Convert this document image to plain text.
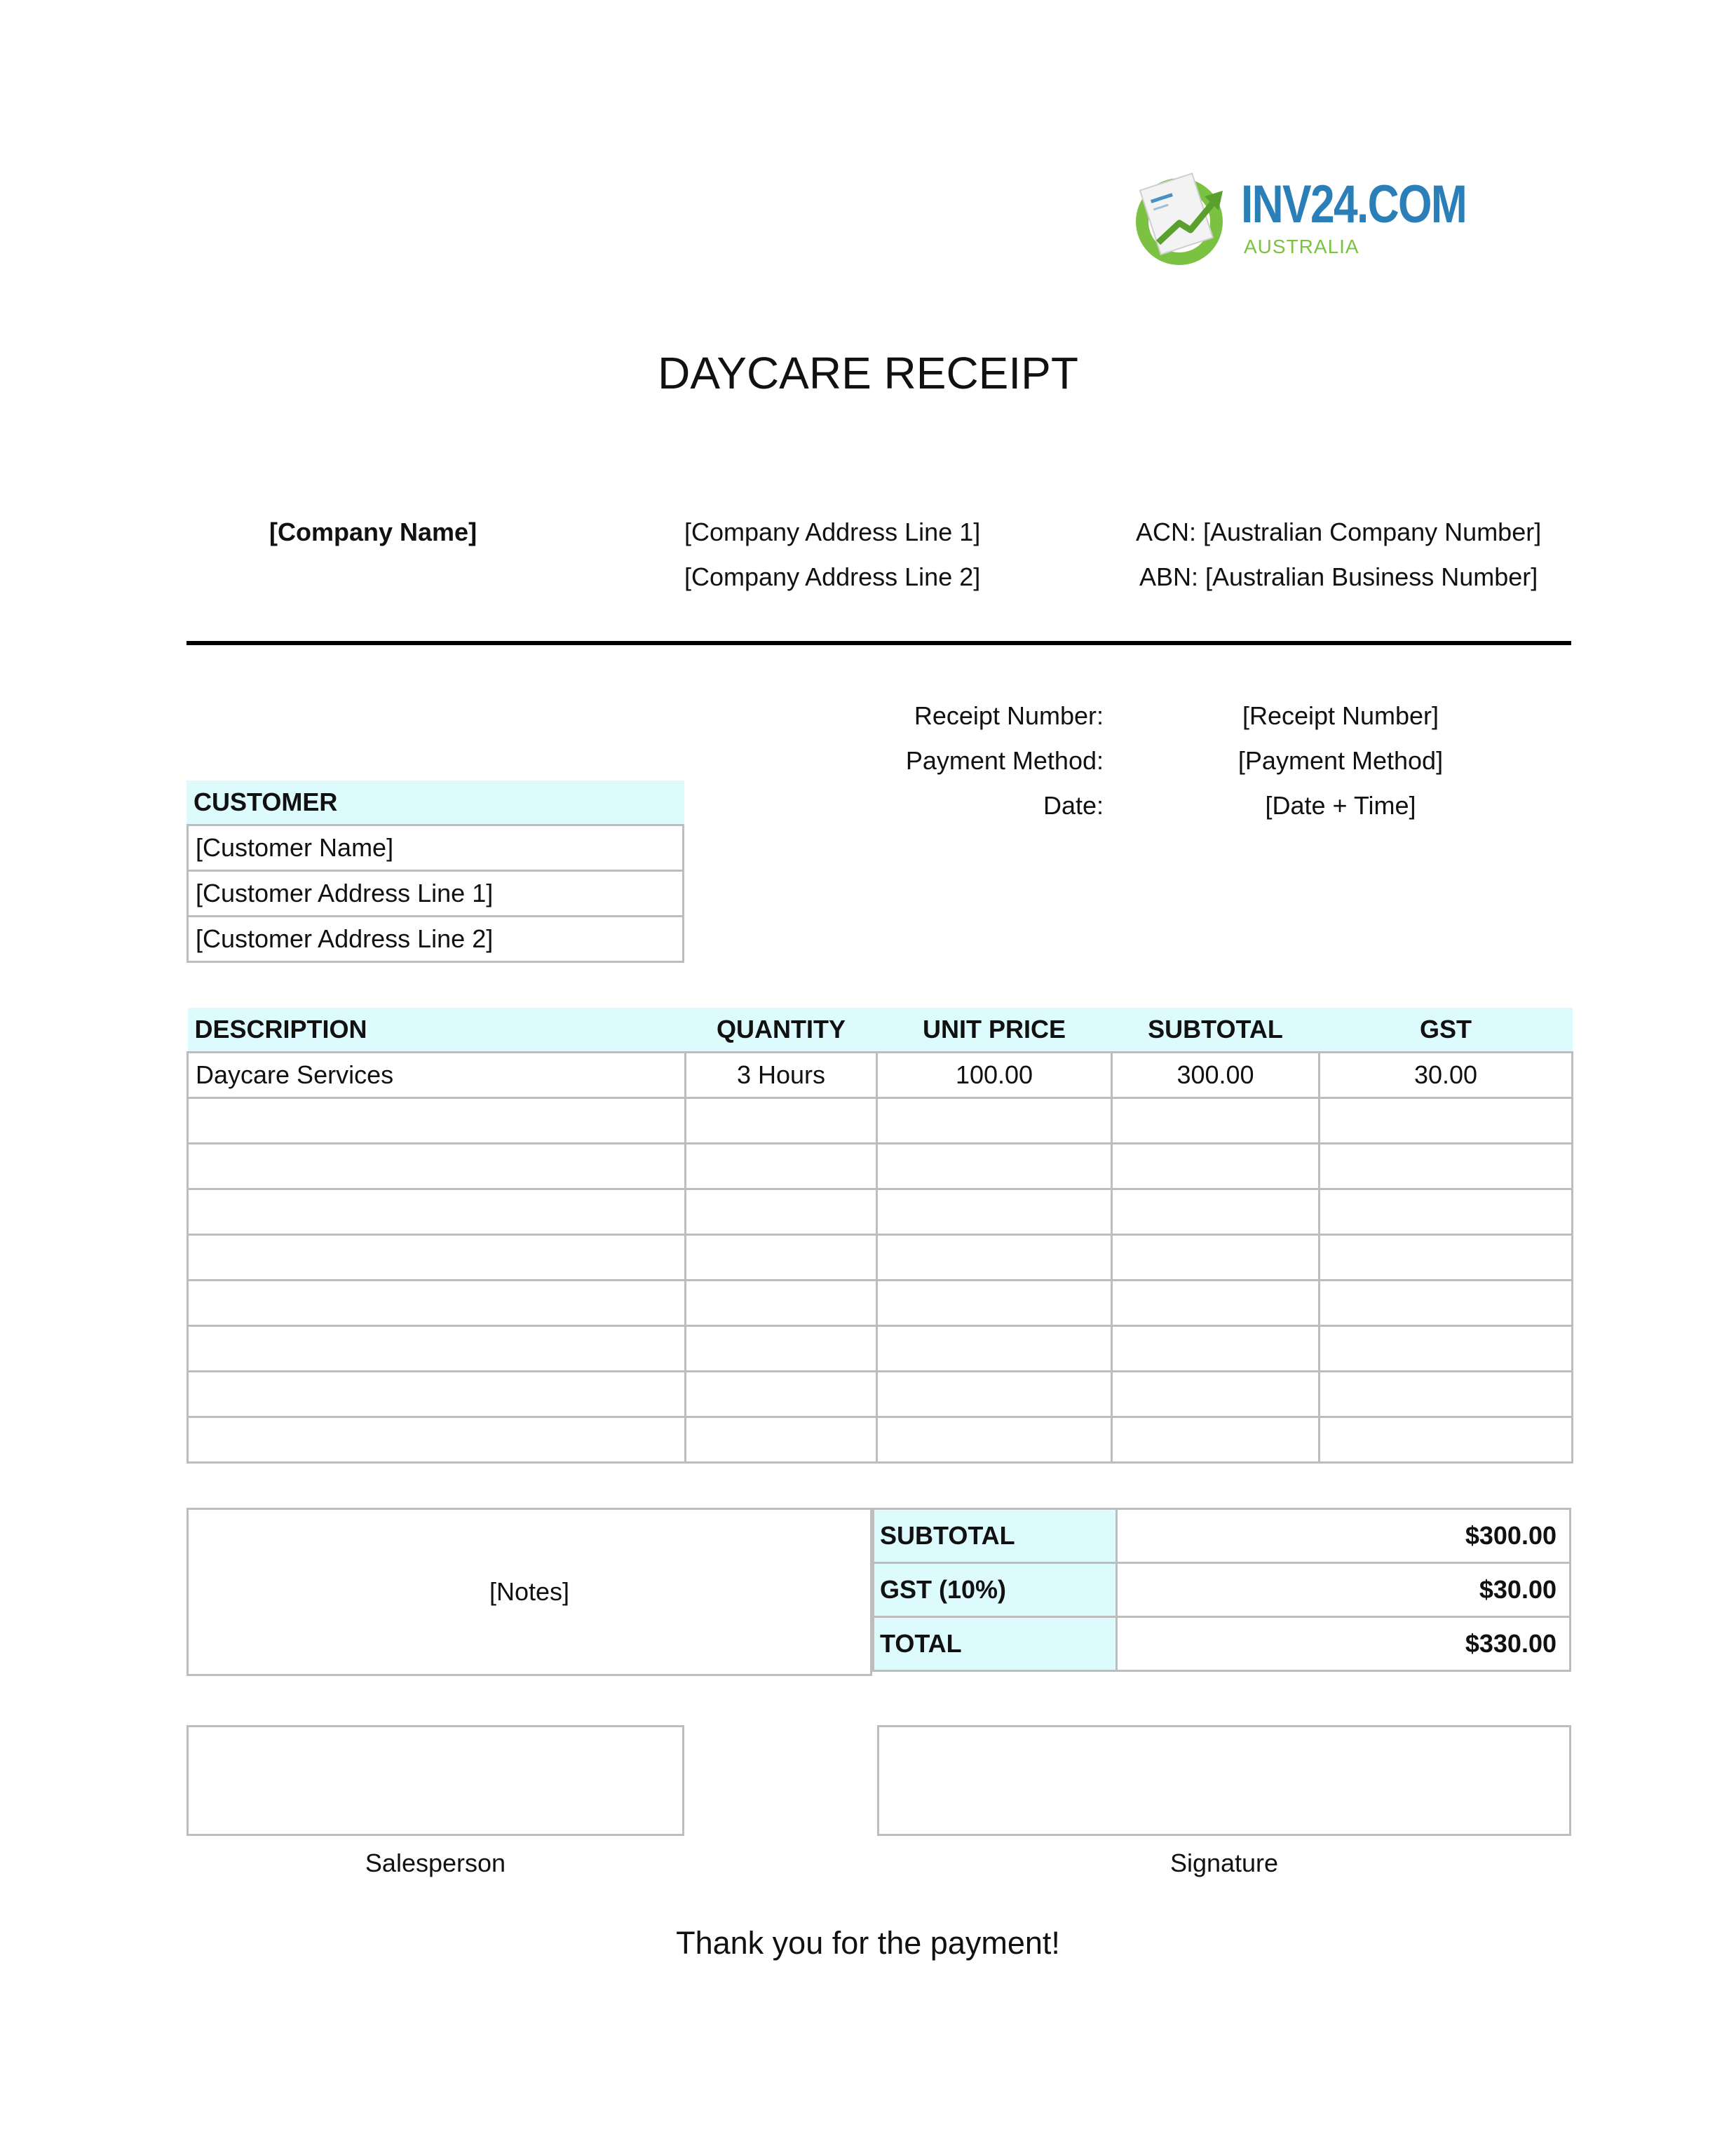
INV24.COM
AUSTRALIA
DAYCARE RECEIPT
[Company Name]	[Company Address Line 1]
[Company Address Line 2]
ACN: [Australian Company Number]
ABN: [Australian Business Number]
Receipt Number:	[Receipt Number]
Payment Method:	[Payment Method]
Date:	[Date + Time]
CUSTOMER
[Customer Name]
[Customer Address Line 1]
[Customer Address Line 2]
DESCRIPTION	QUANTITY	UNIT PRICE	SUBTOTAL	GST
Daycare Services	3 Hours	100.00	300.00	30.00

[Notes]
SUBTOTAL	$300.00
GST (10%)	$30.00
TOTAL	$330.00
Salesperson	Signature
Thank you for the payment!
